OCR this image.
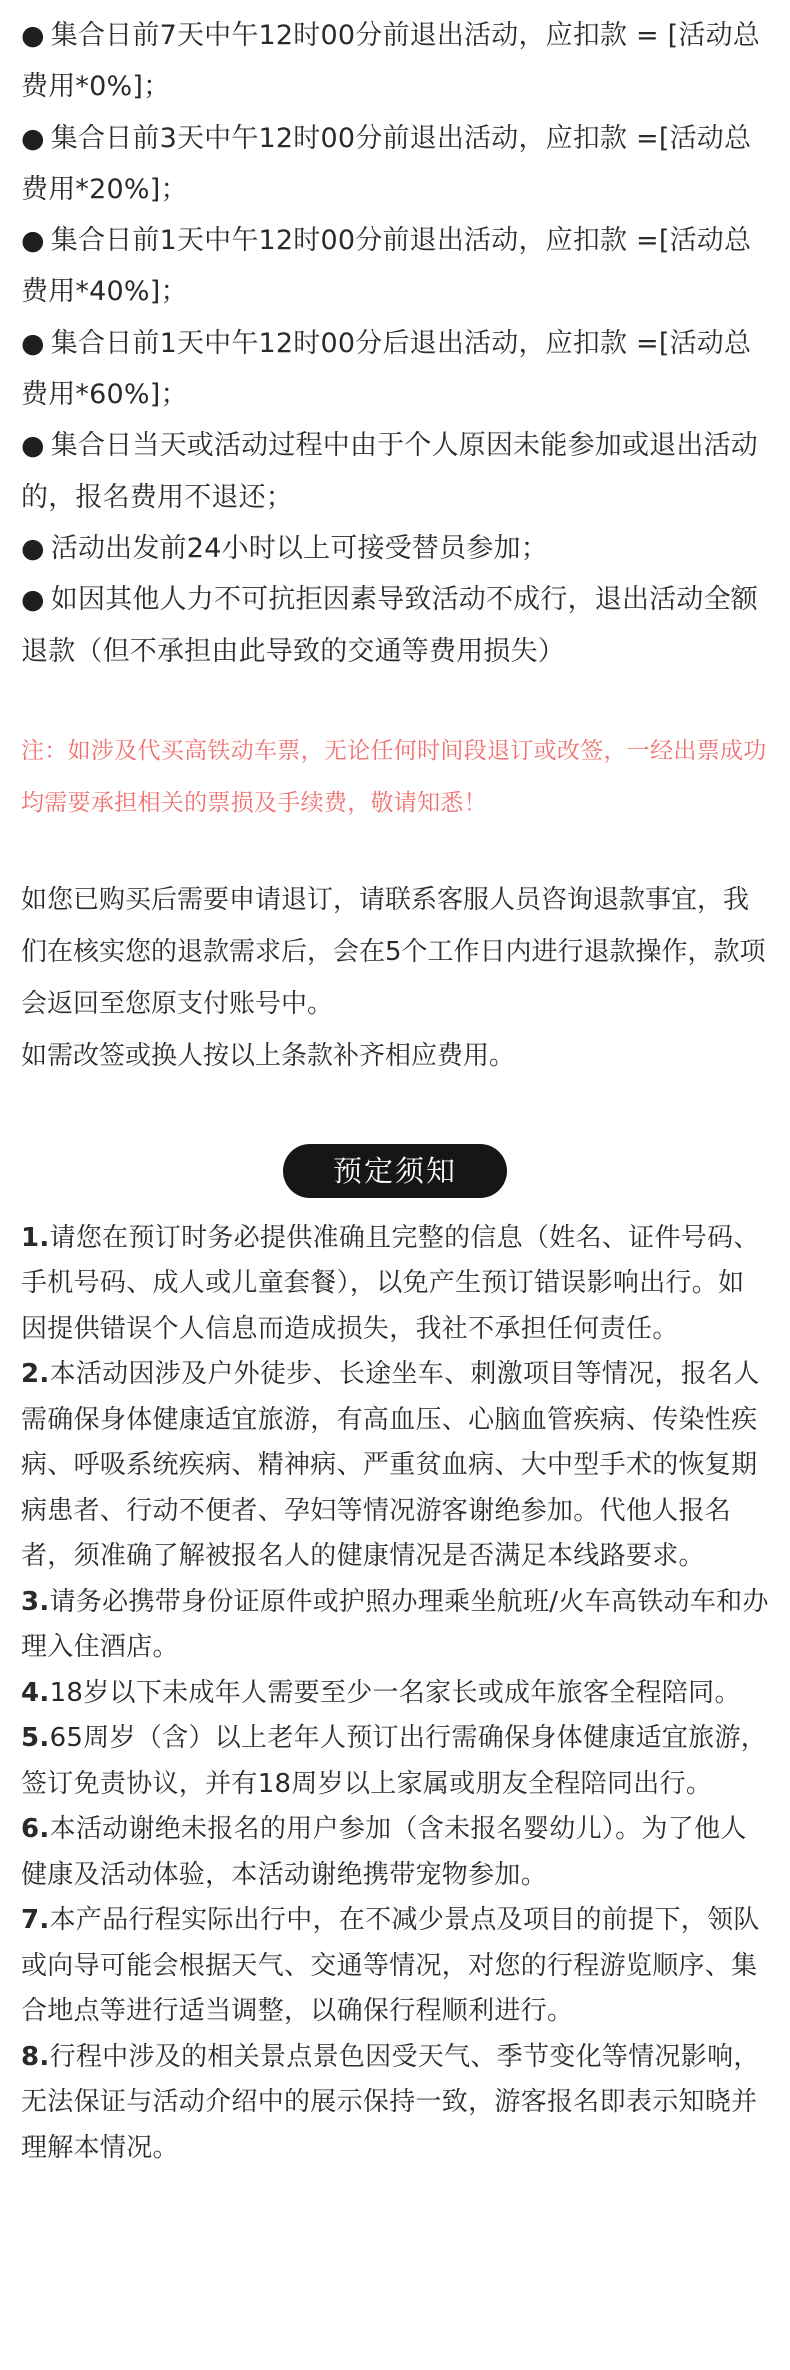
● 集合日前7天中午12时00分前退出活动，应扣款 = [活动总费用*0%]；
● 集合日前3天中午12时00分前退出活动，应扣款 =[活动总费用*20%]；
● 集合日前1天中午12时00分前退出活动，应扣款 =[活动总费用*40%]；
● 集合日前1天中午12时00分后退出活动，应扣款 =[活动总费用*60%]；
● 集合日当天或活动过程中由于个人原因未能参加或退出活动的，报名费用不退还；
● 活动出发前24小时以上可接受替员参加；
● 如因其他人力不可抗拒因素导致活动不成行，退出活动全额退款（但不承担由此导致的交通等费用损失）
注：如涉及代买高铁动车票，无论任何时间段退订或改签，一经出票成功均需要承担相关的票损及手续费，敬请知悉！
如您已购买后需要申请退订，请联系客服人员咨询退款事宜，我们在核实您的退款需求后，会在5个工作日内进行退款操作，款项会返回至您原支付账号中。
如需改签或换人按以上条款补齐相应费用。
预定须知
1.请您在预订时务必提供准确且完整的信息（姓名、证件号码、手机号码、成人或儿童套餐），以免产生预订错误影响出行。如因提供错误个人信息而造成损失，我社不承担任何责任。
2.本活动因涉及户外徒步、长途坐车、刺激项目等情况，报名人需确保身体健康适宜旅游，有高血压、心脑血管疾病、传染性疾病、呼吸系统疾病、精神病、严重贫血病、大中型手术的恢复期病患者、行动不便者、孕妇等情况游客谢绝参加。代他人报名者，须准确了解被报名人的健康情况是否满足本线路要求。
3.请务必携带身份证原件或护照办理乘坐航班/火车高铁动车和办理入住酒店。
4.18岁以下未成年人需要至少一名家长或成年旅客全程陪同。
5.65周岁（含）以上老年人预订出行需确保身体健康适宜旅游，签订免责协议，并有18周岁以上家属或朋友全程陪同出行。
6.本活动谢绝未报名的用户参加（含未报名婴幼儿）。为了他人健康及活动体验，本活动谢绝携带宠物参加。
7.本产品行程实际出行中，在不减少景点及项目的前提下，领队或向导可能会根据天气、交通等情况，对您的行程游览顺序、集合地点等进行适当调整，以确保行程顺利进行。
8.行程中涉及的相关景点景色因受天气、季节变化等情况影响，无法保证与活动介绍中的展示保持一致，游客报名即表示知晓并理解本情况。
